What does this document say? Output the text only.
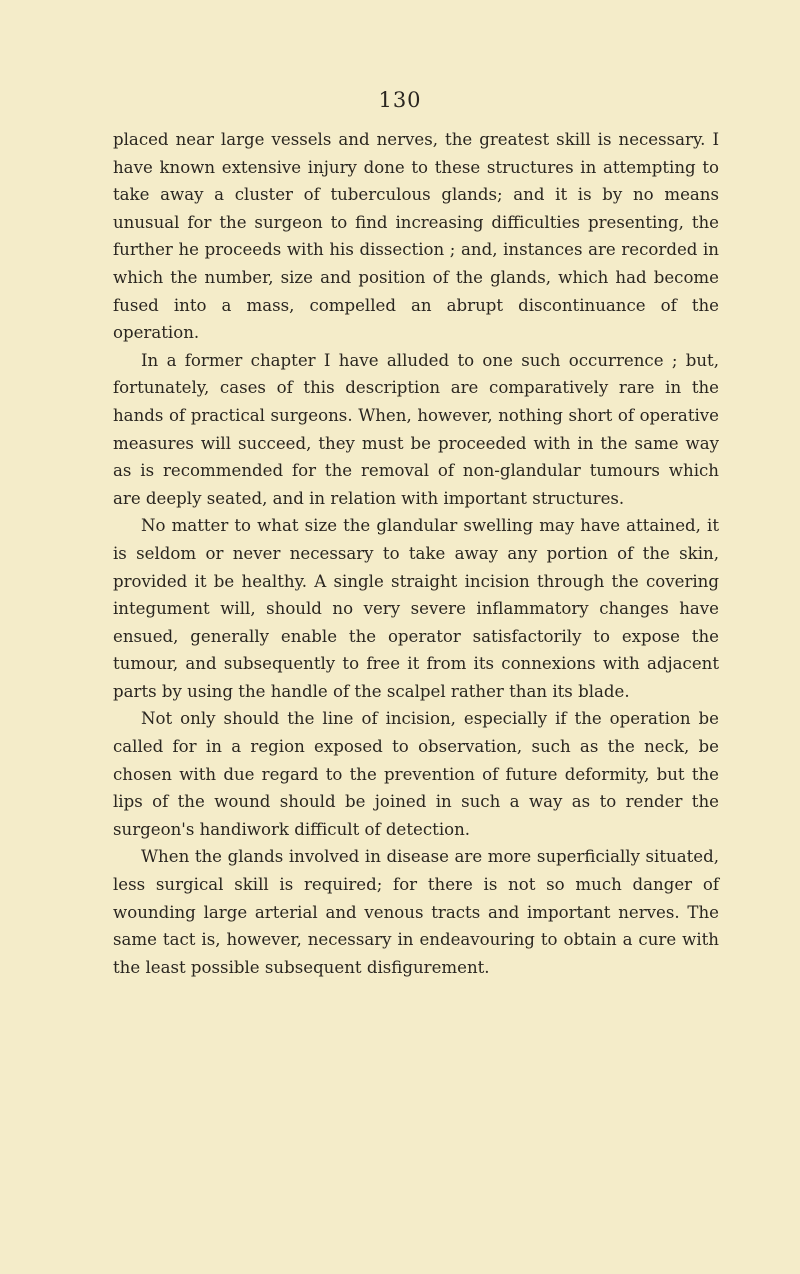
130

placed near large vessels and nerves, the greatest skill is necessary. I have known extensive injury done to these structures in attempting to take away a cluster of tuberculous glands; and it is by no means unusual for the surgeon to find increasing difficulties presenting, the further he proceeds with his dissection ; and, instances are recorded in which the number, size and position of the glands, which had become fused into a mass, compelled an abrupt discontinuance of the operation.

In a former chapter I have alluded to one such occurrence ; but, fortunately, cases of this description are comparatively rare in the hands of practical surgeons. When, however, nothing short of operative measures will succeed, they must be proceeded with in the same way as is recommended for the removal of non-glandular tumours which are deeply seated, and in relation with important structures.

No matter to what size the glandular swelling may have attained, it is seldom or never necessary to take away any portion of the skin, provided it be healthy. A single straight incision through the covering integument will, should no very severe inflammatory changes have ensued, generally enable the operator satisfactorily to expose the tumour, and subsequently to free it from its connexions with adjacent parts by using the handle of the scalpel rather than its blade.

Not only should the line of incision, especially if the operation be called for in a region exposed to observation, such as the neck, be chosen with due regard to the prevention of future deformity, but the lips of the wound should be joined in such a way as to render the surgeon's handiwork difficult of detection.

When the glands involved in disease are more superficially situated, less surgical skill is required; for there is not so much danger of wounding large arterial and venous tracts and important nerves. The same tact is, however, necessary in endeavouring to obtain a cure with the least possible subsequent disfigurement.
